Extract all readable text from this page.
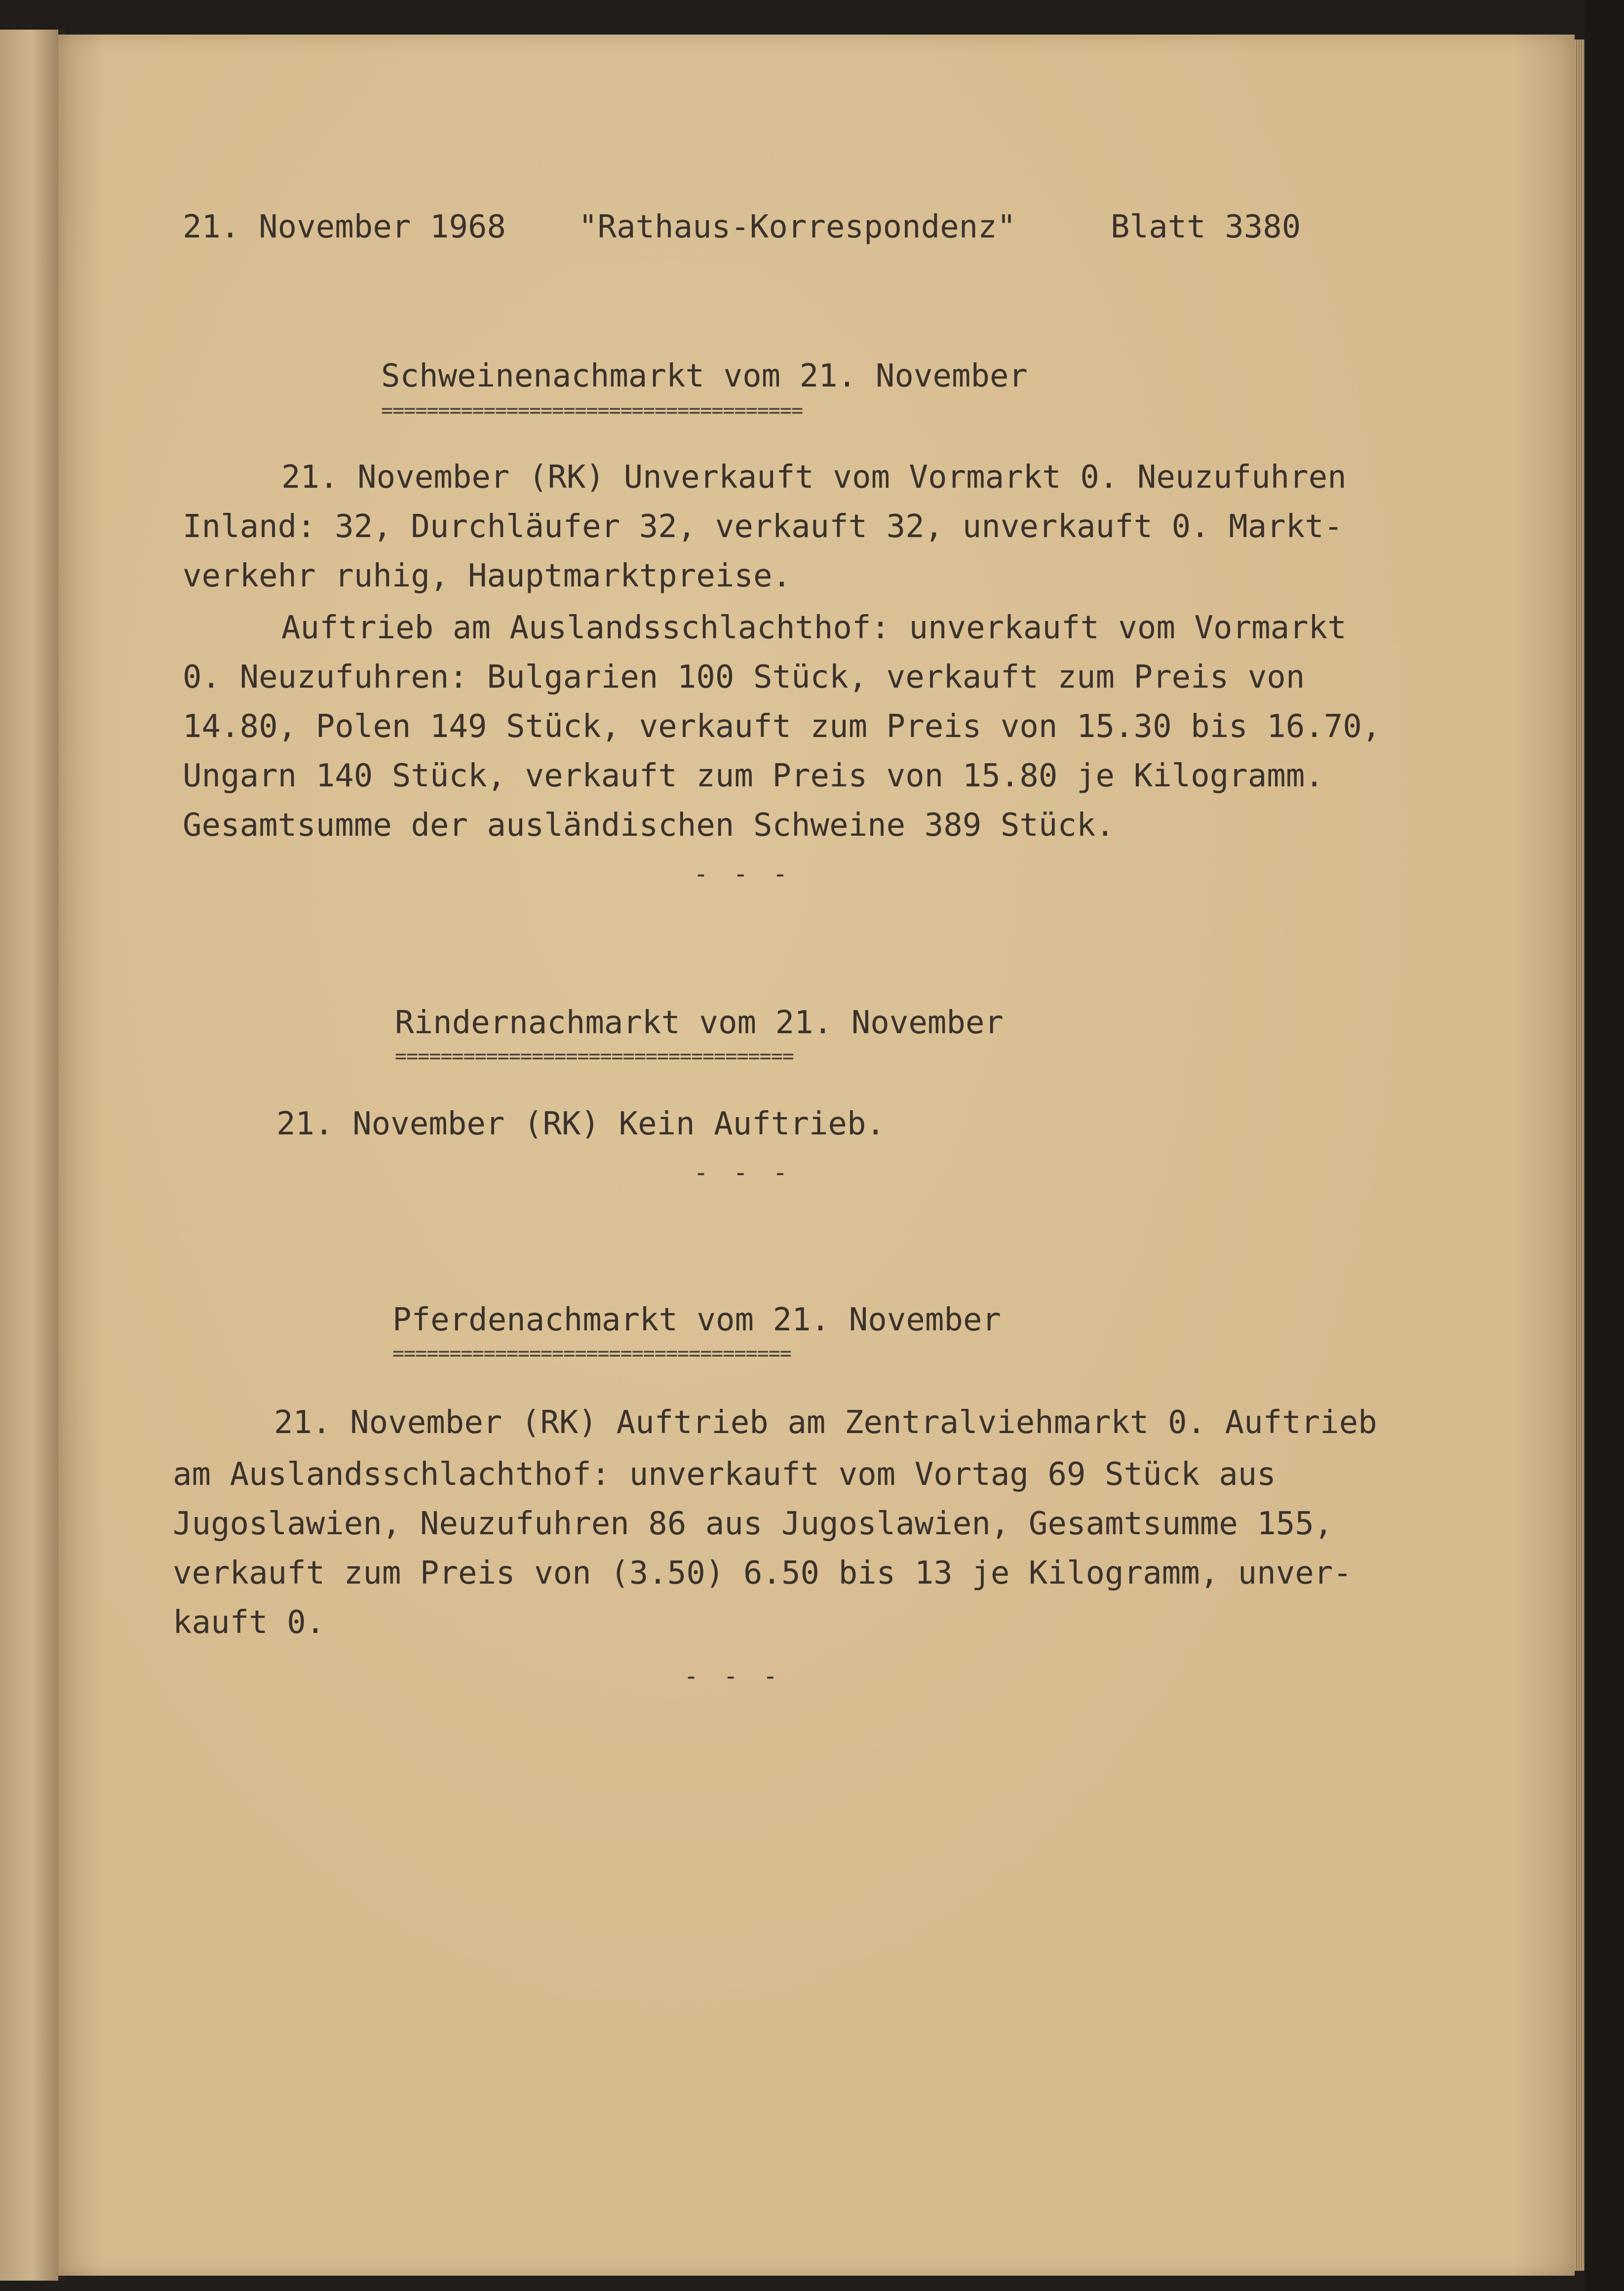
21. November 1968 "Rathaus-Korrespondenz"	Blatt 3380
Schweinenachmarkt vom 21. November
=====================================
21. November (RK) Unverkauft vom Vormarkt 0. Neuzufuhren
Inland: 32, Durchläufer 32, verkauft 32, unverkauft 0. Markt-
verkehr ruhig, Hauptmarktpreise.
Auftrieb am Auslandsschlachthof: unverkauft vom Vormarkt
0. Neuzufuhren: Bulgarien 100 Stück, verkauft zum Preis von
14.80, Polen 149 Stück, verkauft zum Preis von 15.30 bis 16.70,
Ungarn 140 Stück, verkauft zum Preis von 15.80 je Kilogramm.
Gesamtsumme der ausländischen Schweine 389 Stück.
- - -
Rindernachmarkt vom 21. November
===================================
21. November (RK) Kein Auftrieb.
- - -
Pferdenachmarkt vom 21. November
===================================
21. November (RK) Auftrieb am Zentralviehmarkt 0. Auftrieb
am Auslandsschlachthof: unverkauft vom Vortag 69 Stück aus
Jugoslawien, Neuzufuhren 86 aus Jugoslawien, Gesamtsumme 155,
verkauft zum Preis von (3.50) 6.50 bis 13 je Kilogramm, unver-
kauft 0.
- - -
